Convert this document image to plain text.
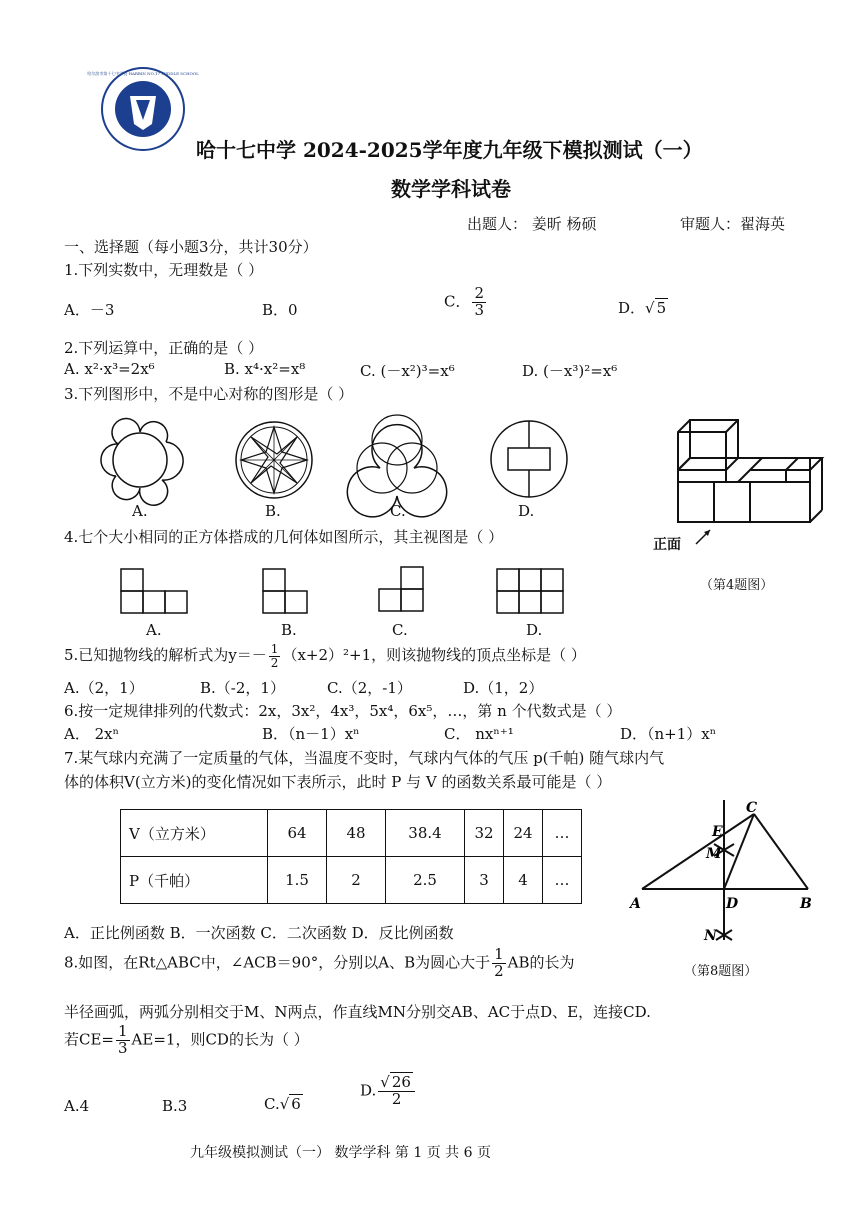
哈尔滨市第十七中学校 HARBIN NO.17 MIDDLE SCHOOL
哈十七中学 2024-2025学年度九年级下模拟测试（一）
数学学科试卷
出题人： 姜昕 杨硕	审题人：翟海英
一、选择题（每小题3分，共计30分）
1.下列实数中，无理数是（ ）
A．－3	B．0	C． $\frac{2}{3}$	D．√ 5
2.下列运算中，正确的是（ ）
A. x²·x³=2x⁶	B. x⁴·x²=x⁸	C. (－x²)³=x⁶	D. (－x³)²=x⁶
3.下列图形中，不是中心对称的图形是（ ）
A.	B.	C.	D.
正面
（第4题图）
4.七个大小相同的正方体搭成的几何体如图所示，其主视图是（ ）
A.	B.	C.	D.
5.已知抛物线的解析式为$y=- \frac{1}{2} (x+2)^2+1$，则该抛物线的顶点坐标是（ ）
A.（2，1）	B.（-2，1）	C.（2，-1）	D.（1，2）
6.按一定规律排列的代数式：2x，3x²，4x³，5x⁴，6x⁵，…，第 n 个代数式是（ ）
A． 2xⁿ	B．（n－1）xⁿ	C． nxⁿ⁺¹	D．（n+1）xⁿ
7.某气球内充满了一定质量的气体，当温度不变时，气球内气体的气压 p(千帕) 随气球内气
体的体积V(立方米)的变化情况如下表所示，此时 P 与 V 的函数关系最可能是（ ）
V（立方米）	64	48	38.4	32	24	…
P（千帕）	1.5	2	2.5	3	4	…
A．正比例函数 B．一次函数 C．二次函数 D．反比例函数
A	B
C
D
E
M
N
8.如图，在Rt△ABC中，∠ACB＝90°，分别以A、B为圆心大于 $\frac{1}{2}$ AB的长为
（第8题图）
半径画弧，两弧分别相交于M、N两点，作直线MN分别交AB、AC于点D、E，连接CD.
若$CE= \frac{1}{3} AE=1$，则CD的长为（ ）
A.4	B.3	C.√ 6
D. $\frac{√ 26}{2}$
九年级模拟测试（一） 数学学科 第 1 页 共 6 页
